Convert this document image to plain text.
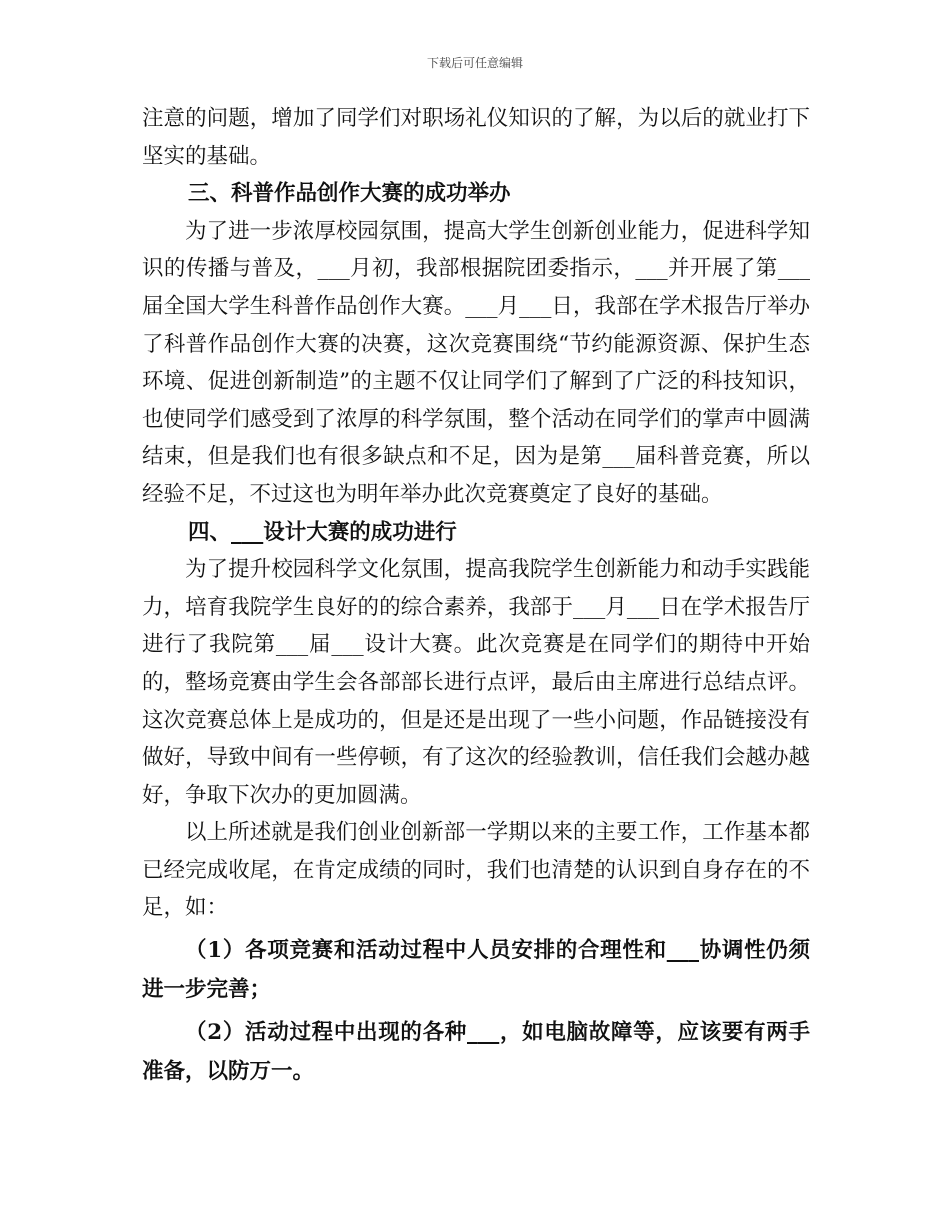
下载后可任意编辑

注意的问题，增加了同学们对职场礼仪知识的了解，为以后的就业打下坚实的基础。

三、科普作品创作大赛的成功举办

为了进一步浓厚校园氛围，提高大学生创新创业能力，促进科学知识的传播与普及，___月初，我部根据院团委指示，___并开展了第___届全国大学生科普作品创作大赛。___月___日，我部在学术报告厅举办了科普作品创作大赛的决赛，这次竞赛围绕“节约能源资源、保护生态环境、促进创新制造”的主题不仅让同学们了解到了广泛的科技知识，也使同学们感受到了浓厚的科学氛围，整个活动在同学们的掌声中圆满结束，但是我们也有很多缺点和不足，因为是第___届科普竞赛，所以经验不足，不过这也为明年举办此次竞赛奠定了良好的基础。

四、___设计大赛的成功进行

为了提升校园科学文化氛围，提高我院学生创新能力和动手实践能力，培育我院学生良好的的综合素养，我部于___月___日在学术报告厅进行了我院第___届___设计大赛。此次竞赛是在同学们的期待中开始的，整场竞赛由学生会各部部长进行点评，最后由主席进行总结点评。这次竞赛总体上是成功的，但是还是出现了一些小问题，作品链接没有做好，导致中间有一些停顿，有了这次的经验教训，信任我们会越办越好，争取下次办的更加圆满。

以上所述就是我们创业创新部一学期以来的主要工作，工作基本都已经完成收尾，在肯定成绩的同时，我们也清楚的认识到自身存在的不足，如：

（1）各项竞赛和活动过程中人员安排的合理性和___协调性仍须进一步完善；

（2）活动过程中出现的各种___，如电脑故障等，应该要有两手准备，以防万一。
